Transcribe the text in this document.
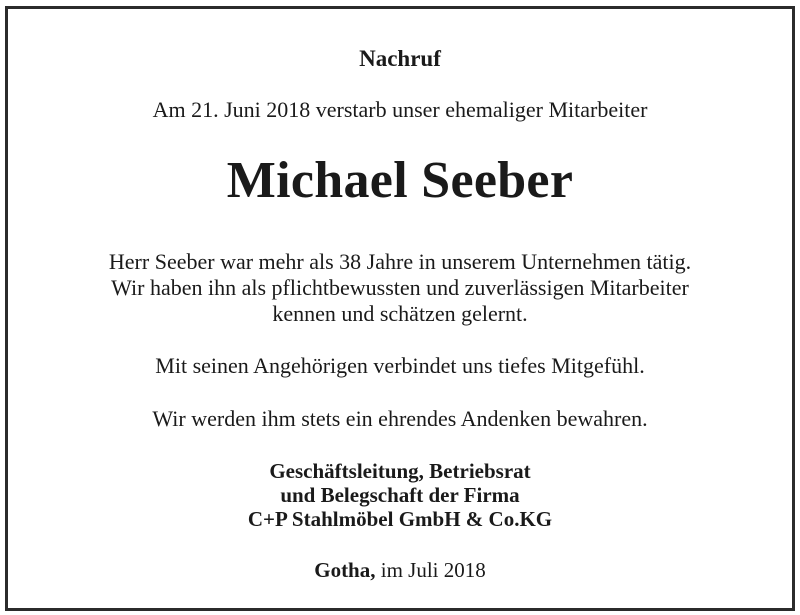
Nachruf

Am 21. Juni 2018 verstarb unser ehemaliger Mitarbeiter

Michael Seeber

Herr Seeber war mehr als 38 Jahre in unserem Unternehmen tätig.
Wir haben ihn als pflichtbewussten und zuverlässigen Mitarbeiter
kennen und schätzen gelernt.

Mit seinen Angehörigen verbindet uns tiefes Mitgefühl.

Wir werden ihm stets ein ehrendes Andenken bewahren.

Geschäftsleitung, Betriebsrat
und Belegschaft der Firma
C+P Stahlmöbel GmbH & Co.KG

Gotha, im Juli 2018
